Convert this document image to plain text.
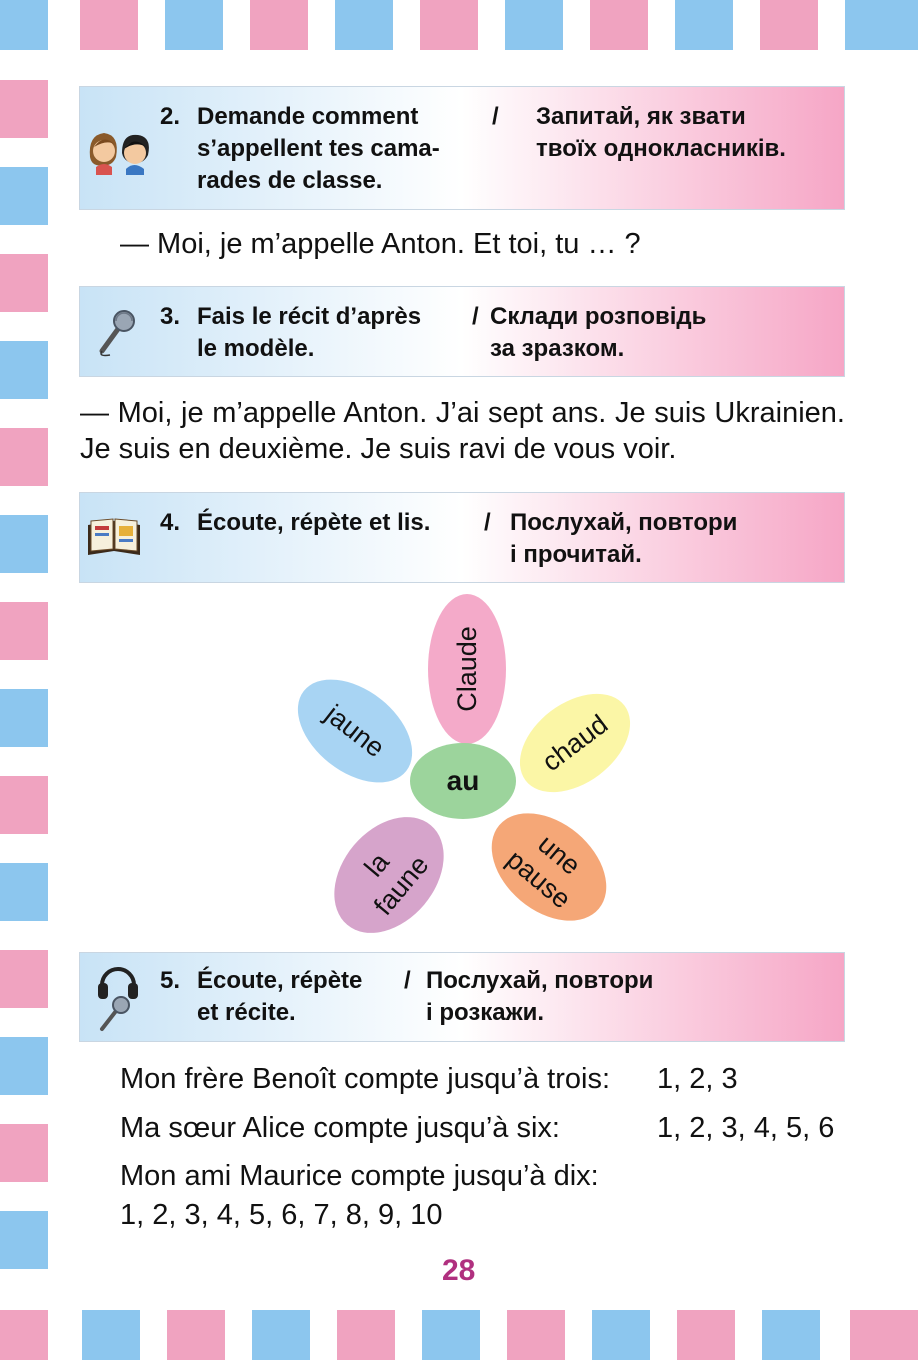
2. Demande comment
s’appellent tes cama-
rades de classe.
/ Запитай, як звати
твоїх однокласників.
— Moi, je m’appelle Anton. Et toi, tu … ?
3. Fais le récit d’après
le modèle.
/ Склади розповідь
за зразком.
— Moi, je m’appelle Anton. J’ai sept ans. Je suis Ukrainien. Je suis en deuxième. Je suis ravi de vous voir.
4. Écoute, répète et lis. / Послухай, повтори
і прочитай.
Claude
chaud
une
pause
la
faune
jaune
au
5. Écoute, répète
et récite.
/ Послухай, повтори
і розкажи.
Mon frère Benoît compte jusqu’à trois: 1, 2, 3
Ma sœur Alice compte jusqu’à six:	1, 2, 3, 4, 5, 6
Mon ami Maurice compte jusqu’à dix:
1, 2, 3, 4, 5, 6, 7, 8, 9, 10
28
